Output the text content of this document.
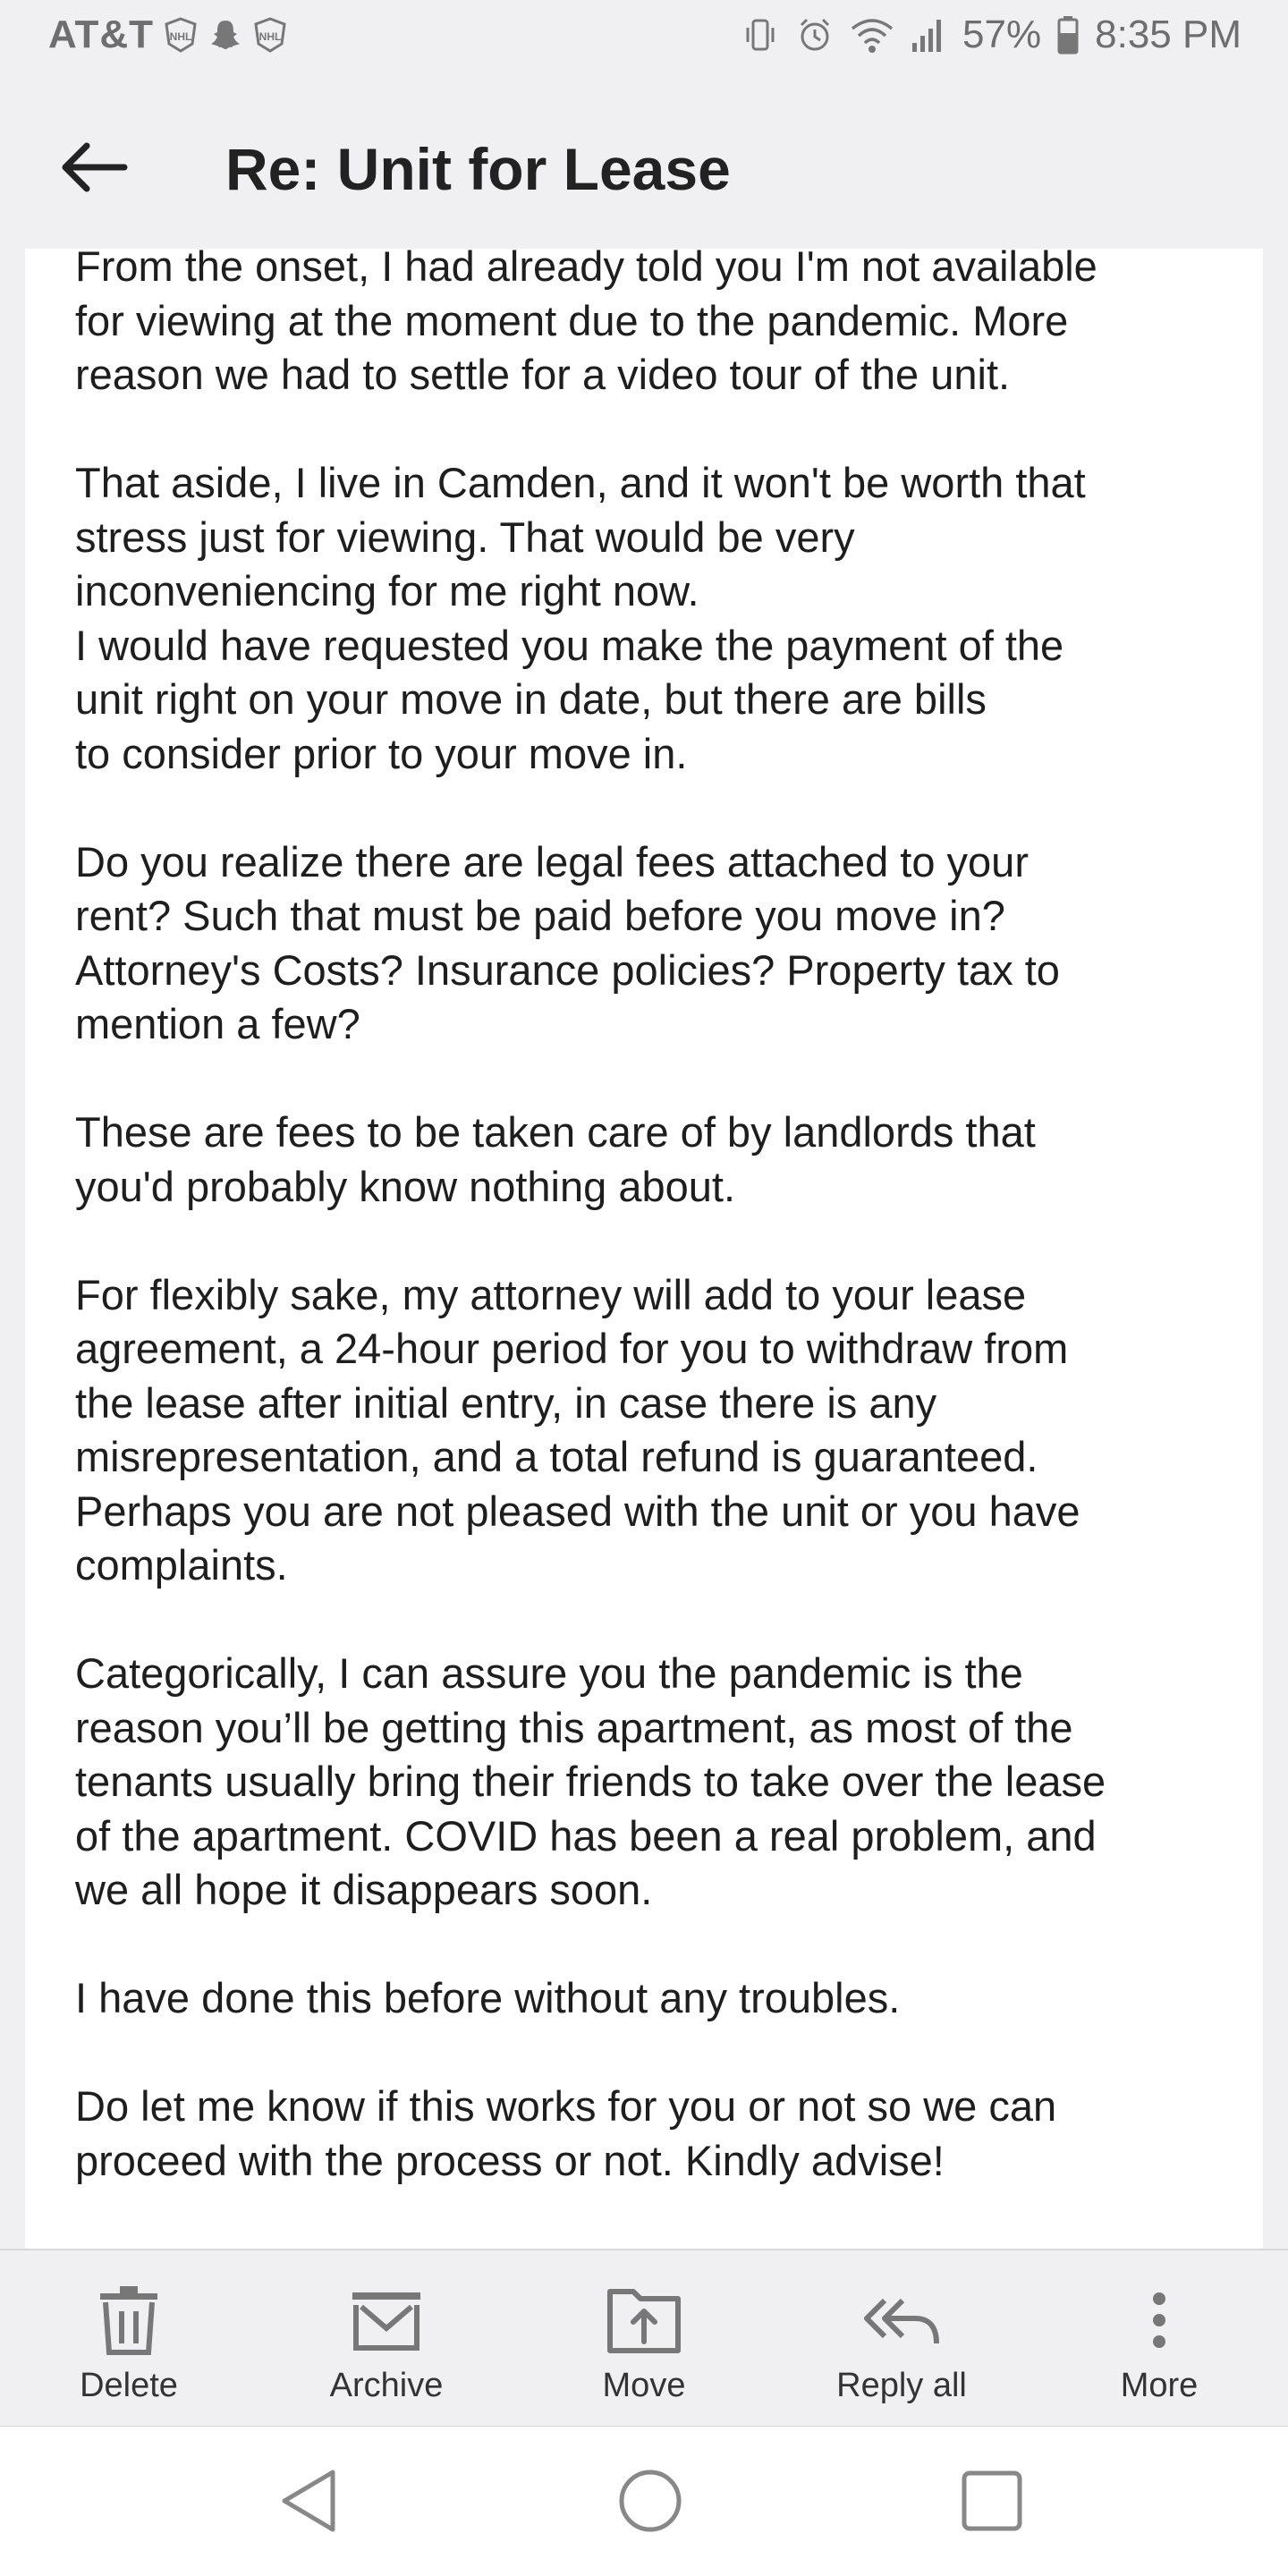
AT&T NHL	NHL	57% 8:35 PM
Re: Unit for Lease

From the onset, I had already told you I'm not available
for viewing at the moment due to the pandemic. More
reason we had to settle for a video tour of the unit.

That aside, I live in Camden, and it won't be worth that
stress just for viewing. That would be very
inconveniencing for me right now.
I would have requested you make the payment of the
unit right on your move in date, but there are bills
to consider prior to your move in.

Do you realize there are legal fees attached to your
rent? Such that must be paid before you move in?
Attorney's Costs? Insurance policies? Property tax to
mention a few?

These are fees to be taken care of by landlords that
you'd probably know nothing about.

For flexibly sake, my attorney will add to your lease
agreement, a 24-hour period for you to withdraw from
the lease after initial entry, in case there is any
misrepresentation, and a total refund is guaranteed.
Perhaps you are not pleased with the unit or you have
complaints.

Categorically, I can assure you the pandemic is the
reason you’ll be getting this apartment, as most of the
tenants usually bring their friends to take over the lease
of the apartment. COVID has been a real problem, and
we all hope it disappears soon.

I have done this before without any troubles.

Do let me know if this works for you or not so we can
proceed with the process or not. Kindly advise!

Delete	Archive	Move	Reply all	More
